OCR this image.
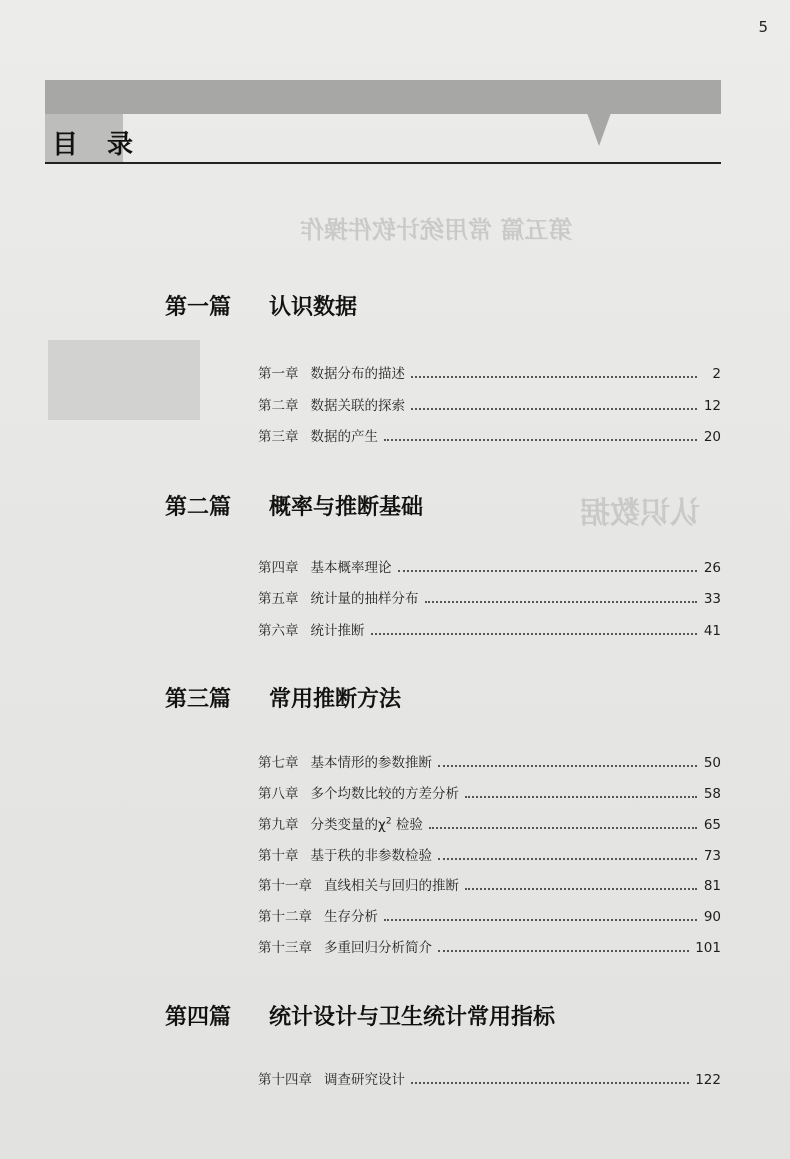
第五篇 常用统计软件操作
认识数据
5
目 录
第一篇 认识数据
第一章 数据分布的描述	2
第二章 数据关联的探索	12
第三章 数据的产生	20
第二篇 概率与推断基础
第四章 基本概率理论	26
第五章 统计量的抽样分布	33
第六章 统计推断	41
第三篇 常用推断方法
第七章 基本情形的参数推断	50
第八章 多个均数比较的方差分析	58
第九章 分类变量的$\chi^2$ 检验	65
第十章 基于秩的非参数检验	73
第十一章 直线相关与回归的推断	81
第十二章 生存分析	90
第十三章 多重回归分析简介	101
第四篇 统计设计与卫生统计常用指标
第十四章 调查研究设计	122
